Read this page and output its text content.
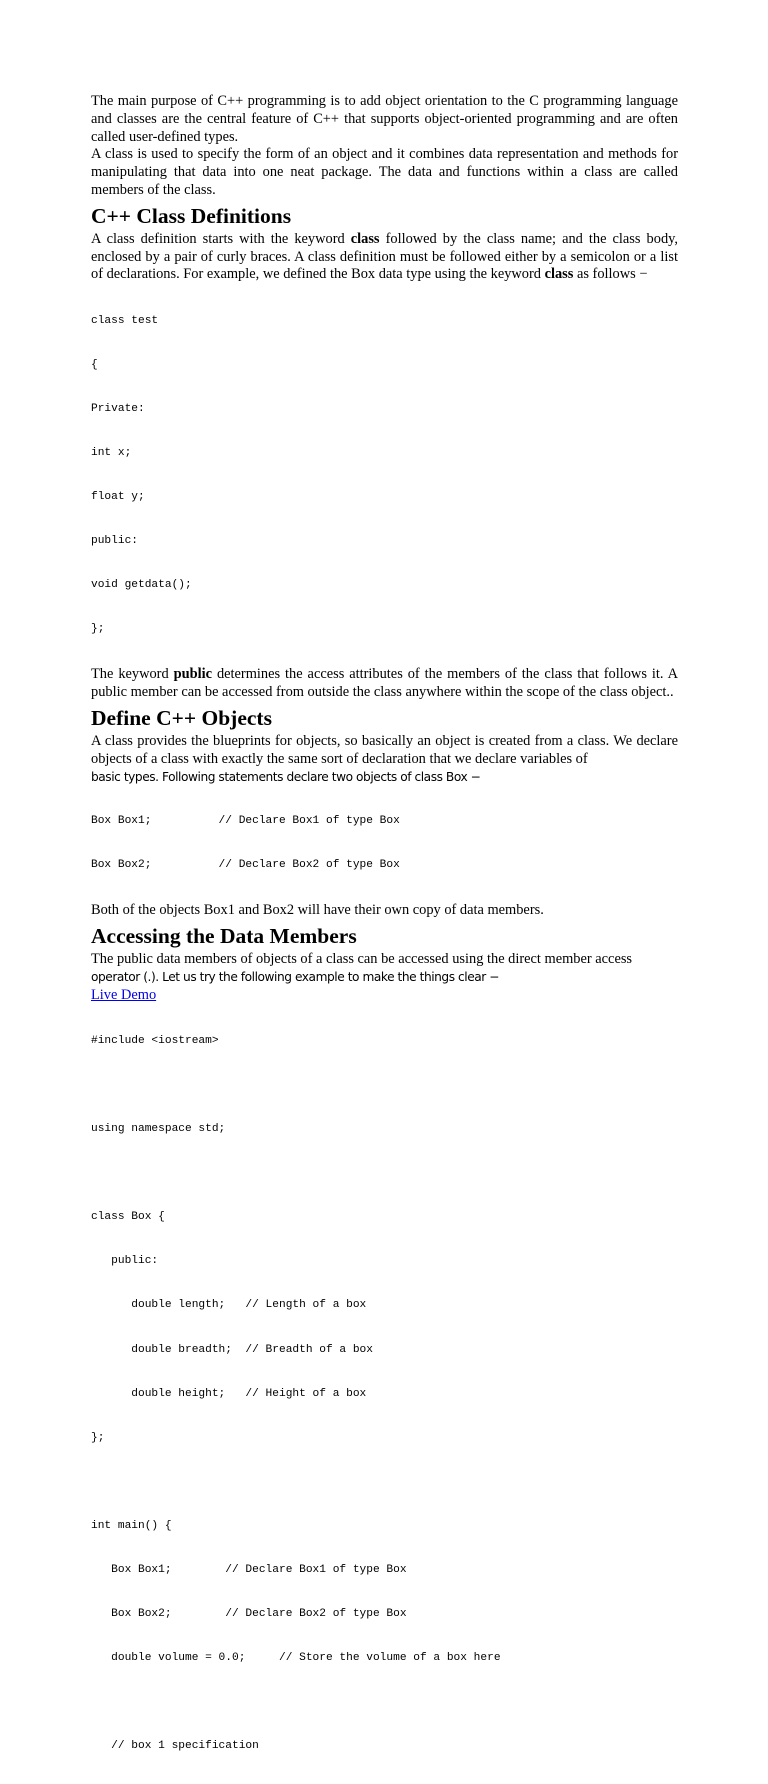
The main purpose of C++ programming is to add object orientation to the C programming language and classes are the central feature of C++ that supports object-oriented programming and are often called user-defined types.

A class is used to specify the form of an object and it combines data representation and methods for manipulating that data into one neat package. The data and functions within a class are called members of the class.

C++ Class Definitions

A class definition starts with the keyword class followed by the class name; and the class body, enclosed by a pair of curly braces. A class definition must be followed either by a semicolon or a list of declarations. For example, we defined the Box data type using the keyword class as follows −

class test

{

Private:

int x;

float y;

public:

void getdata();

};

The keyword public determines the access attributes of the members of the class that follows it. A public member can be accessed from outside the class anywhere within the scope of the class object..

Define C++ Objects

A class provides the blueprints for objects, so basically an object is created from a class. We declare objects of a class with exactly the same sort of declaration that we declare variables of

basic types. Following statements declare two objects of class Box −

Box Box1;          // Declare Box1 of type Box

Box Box2;          // Declare Box2 of type Box

Both of the objects Box1 and Box2 will have their own copy of data members.

Accessing the Data Members

The public data members of objects of a class can be accessed using the direct member access

operator (.). Let us try the following example to make the things clear −
Live Demo

#include <iostream>

using namespace std;

class Box {

public:

double length;   // Length of a box

double breadth;  // Breadth of a box

double height;   // Height of a box

};

int main() {

Box Box1;        // Declare Box1 of type Box

Box Box2;        // Declare Box2 of type Box

double volume = 0.0;     // Store the volume of a box here

// box 1 specification
